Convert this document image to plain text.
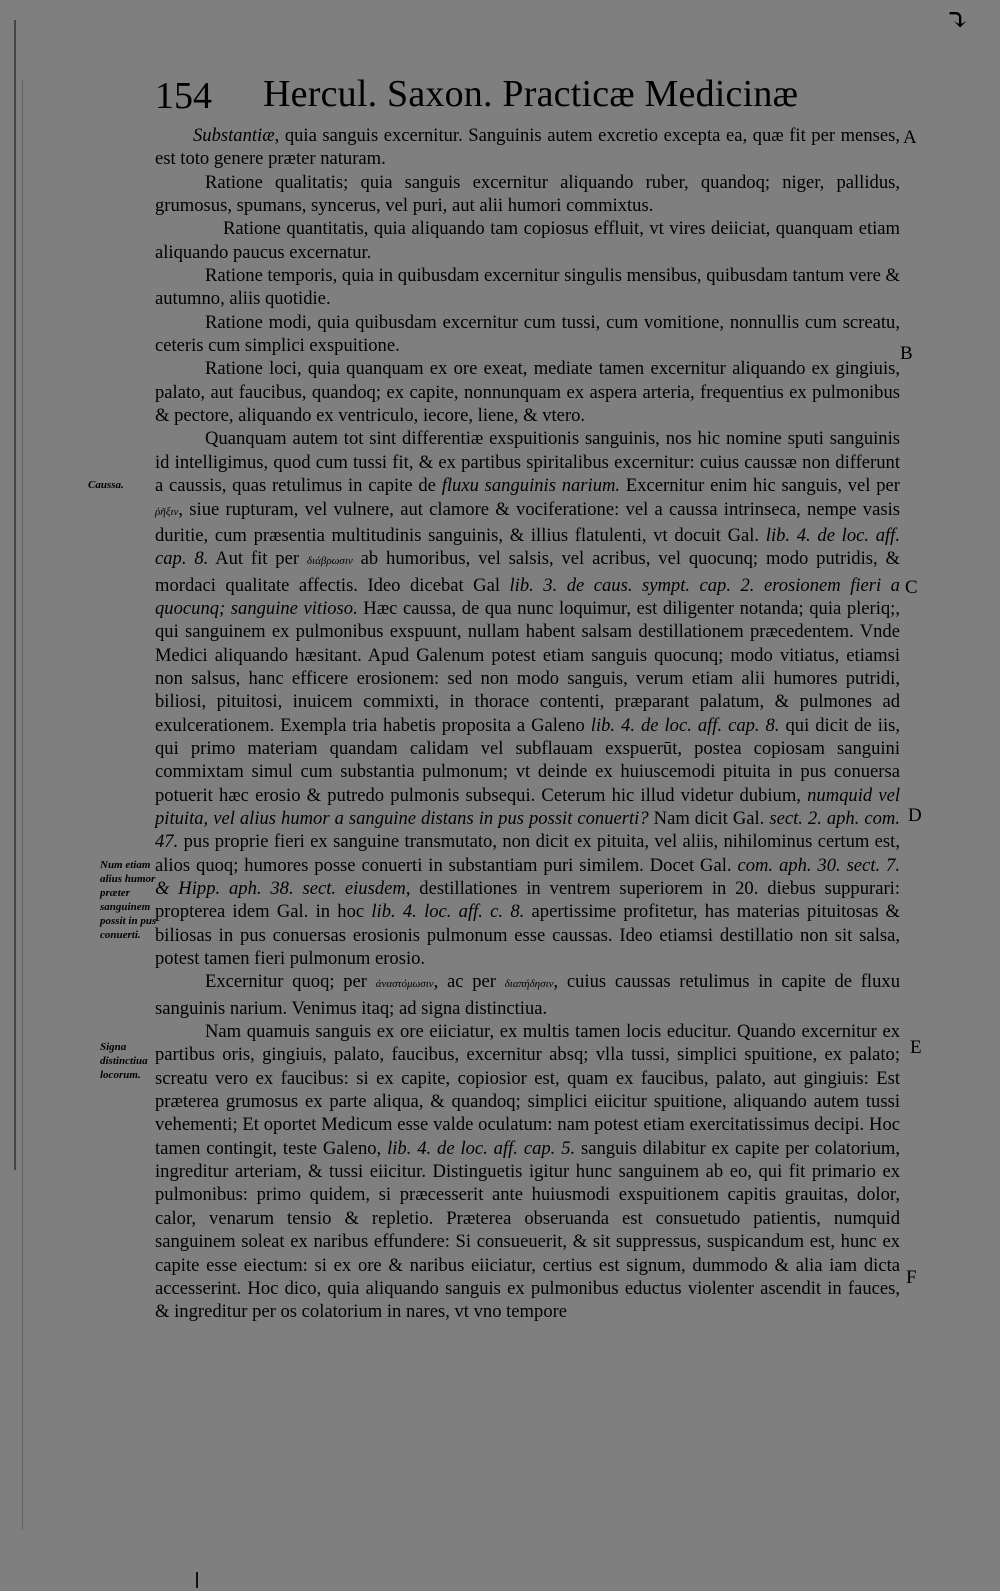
⤵
154 Hercul. Saxon. Practicæ Medicinæ
A
B
C
D
E
F
Caussa.
Num etiam alius humor præter sanguinem possit in pus conuerti.
Signa distinctiua locorum.

Substantiæ, quia sanguis excernitur. Sanguinis autem excretio excepta ea, quæ fit per menses, est toto genere præter naturam.

Ratione qualitatis; quia sanguis excernitur aliquando ruber, quandoq; niger, pallidus, grumosus, spumans, syncerus, vel puri, aut alii humori commixtus.

Ratione quantitatis, quia aliquando tam copiosus effluit, vt vires deiiciat, quanquam etiam aliquando paucus excernatur.

Ratione temporis, quia in quibusdam excernitur singulis mensibus, quibusdam tantum vere & autumno, aliis quotidie.

Ratione modi, quia quibusdam excernitur cum tussi, cum vomitione, nonnullis cum screatu, ceteris cum simplici exspuitione.

Ratione loci, quia quanquam ex ore exeat, mediate tamen excernitur aliquando ex gingiuis, palato, aut faucibus, quandoq; ex capite, nonnunquam ex aspera arteria, frequentius ex pulmonibus & pectore, aliquando ex ventriculo, iecore, liene, & vtero.

Quanquam autem tot sint differentiæ exspuitionis sanguinis, nos hic nomine sputi sanguinis id intelligimus, quod cum tussi fit, & ex partibus spiritalibus excernitur: cuius caussæ non differunt a caussis, quas retulimus in capite de fluxu sanguinis narium. Excernitur enim hic sanguis, vel per ῥῆξιν, siue rupturam, vel vulnere, aut clamore & vociferatione: vel a caussa intrinseca, nempe vasis duritie, cum præsentia multitudinis sanguinis, & illius flatulenti, vt docuit Gal. lib. 4. de loc. aff. cap. 8. Aut fit per διάβρωσιν ab humoribus, vel salsis, vel acribus, vel quocunq; modo putridis, & mordaci qualitate affectis. Ideo dicebat Gal lib. 3. de caus. sympt. cap. 2. erosionem fieri a quocunq; sanguine vitioso. Hæc caussa, de qua nunc loquimur, est diligenter notanda; quia pleriq;, qui sanguinem ex pulmonibus exspuunt, nullam habent salsam destillationem præcedentem. Vnde Medici aliquando hæsitant. Apud Galenum potest etiam sanguis quocunq; modo vitiatus, etiamsi non salsus, hanc efficere erosionem: sed non modo sanguis, verum etiam alii humores putridi, biliosi, pituitosi, inuicem commixti, in thorace contenti, præparant palatum, & pulmones ad exulcerationem. Exempla tria habetis proposita a Galeno lib. 4. de loc. aff. cap. 8. qui dicit de iis, qui primo materiam quandam calidam vel subflauam exspuerūt, postea copiosam sanguini commixtam simul cum substantia pulmonum; vt deinde ex huiuscemodi pituita in pus conuersa potuerit hæc erosio & putredo pulmonis subsequi. Ceterum hic illud videtur dubium, numquid vel pituita, vel alius humor a sanguine distans in pus possit conuerti? Nam dicit Gal. sect. 2. aph. com. 47. pus proprie fieri ex sanguine transmutato, non dicit ex pituita, vel aliis, nihilominus certum est, alios quoq; humores posse conuerti in substantiam puri similem. Docet Gal. com. aph. 30. sect. 7. & Hipp. aph. 38. sect. eiusdem, destillationes in ventrem superiorem in 20. diebus suppurari: propterea idem Gal. in hoc lib. 4. loc. aff. c. 8. apertissime profitetur, has materias pituitosas & biliosas in pus conuersas erosionis pulmonum esse caussas. Ideo etiamsi destillatio non sit salsa, potest tamen fieri pulmonum erosio.

Excernitur quoq; per ἀναστόμωσιν, ac per διαπήδησιν, cuius caussas retulimus in capite de fluxu sanguinis narium. Venimus itaq; ad signa distinctiua.

Nam quamuis sanguis ex ore eiiciatur, ex multis tamen locis educitur. Quando excernitur ex partibus oris, gingiuis, palato, faucibus, excernitur absq; vlla tussi, simplici spuitione, ex palato; screatu vero ex faucibus: si ex capite, copiosior est, quam ex faucibus, palato, aut gingiuis: Est præterea grumosus ex parte aliqua, & quandoq; simplici eiicitur spuitione, aliquando autem tussi vehementi; Et oportet Medicum esse valde oculatum: nam potest etiam exercitatissimus decipi. Hoc tamen contingit, teste Galeno, lib. 4. de loc. aff. cap. 5. sanguis dilabitur ex capite per colatorium, ingreditur arteriam, & tussi eiicitur. Distinguetis igitur hunc sanguinem ab eo, qui fit primario ex pulmonibus: primo quidem, si præcesserit ante huiusmodi exspuitionem capitis grauitas, dolor, calor, venarum tensio & repletio. Præterea obseruanda est consuetudo patientis, numquid sanguinem soleat ex naribus effundere: Si consueuerit, & sit suppressus, suspicandum est, hunc ex capite esse eiectum: si ex ore & naribus eiiciatur, certius est signum, dummodo & alia iam dicta accesserint. Hoc dico, quia aliquando sanguis ex pulmonibus eductus violenter ascendit in fauces, & ingreditur per os colatorium in nares, vt vno tempore
